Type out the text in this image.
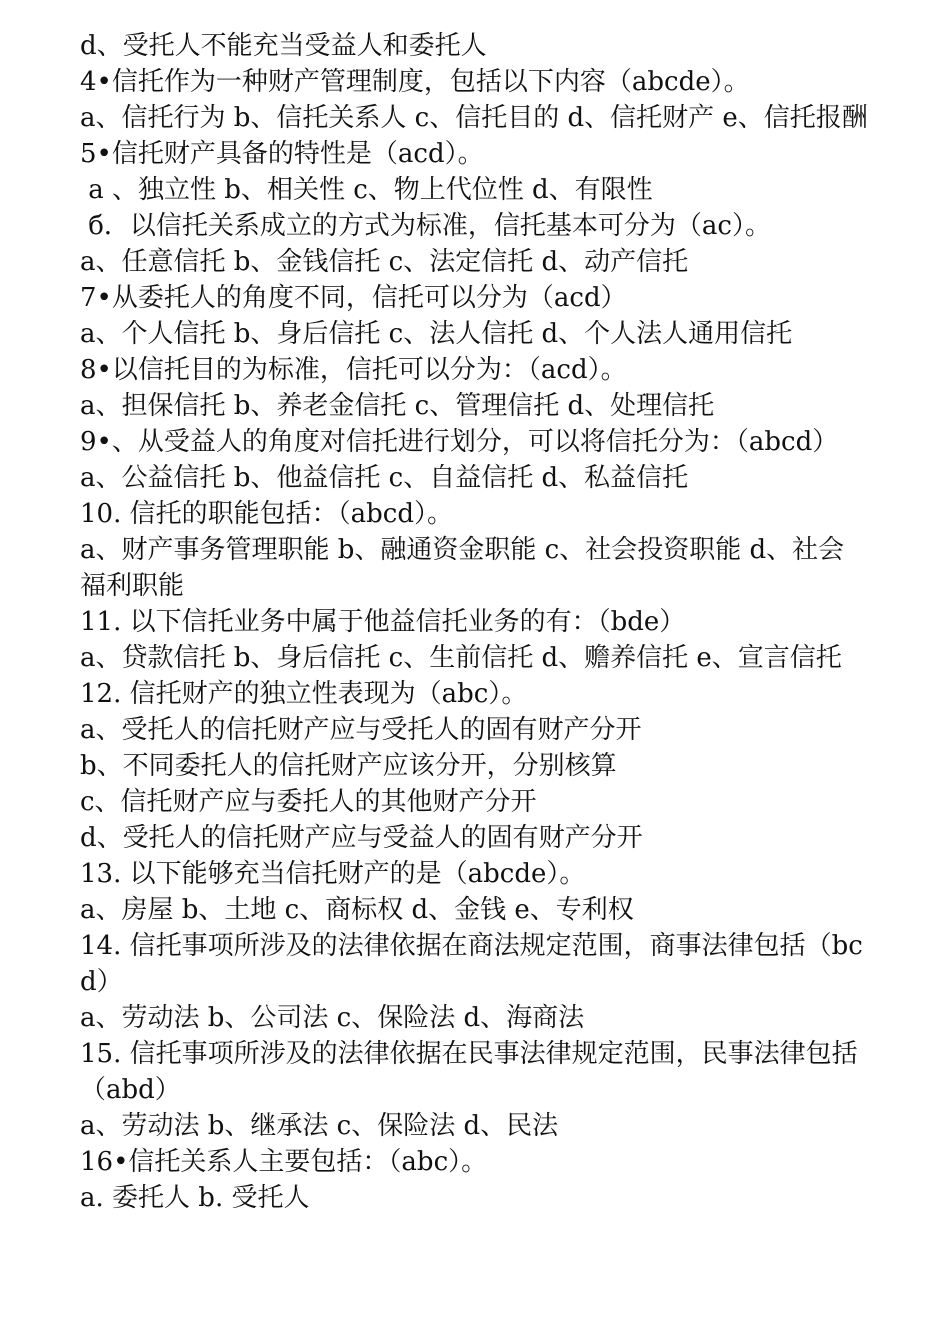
d、受托人不能充当受益人和委托人

4•信托作为一种财产管理制度，包括以下内容（abcde）。

a、信托行为 b、信托关系人 c、信托目的 d、信托财产 e、信托报酬

5•信托财产具备的特性是（acd）。

a 、独立性 b、相关性 c、物上代位性 d、有限性

б．以信托关系成立的方式为标准，信托基本可分为（ac）。

a、任意信托 b、金钱信托 c、法定信托 d、动产信托

7•从委托人的角度不同，信托可以分为（acd）

a、个人信托 b、身后信托 c、法人信托 d、个人法人通用信托

8•以信托目的为标准，信托可以分为：（acd）。

a、担保信托 b、养老金信托 c、管理信托 d、处理信托

9•、从受益人的角度对信托进行划分，可以将信托分为：（abcd）

a、公益信托 b、他益信托 c、自益信托 d、私益信托

10. 信托的职能包括：（abcd）。

a、财产事务管理职能 b、融通资金职能 c、社会投资职能 d、社会福利职能

11. 以下信托业务中属于他益信托业务的有：（bde）

a、贷款信托 b、身后信托 c、生前信托 d、赡养信托 e、宣言信托

12. 信托财产的独立性表现为（abc）。

a、受托人的信托财产应与受托人的固有财产分开

b、不同委托人的信托财产应该分开，分别核算

c、信托财产应与委托人的其他财产分开

d、受托人的信托财产应与受益人的固有财产分开

13. 以下能够充当信托财产的是（abcde）。

a、房屋 b、土地 c、商标权 d、金钱 e、专利权

14. 信托事项所涉及的法律依据在商法规定范围，商事法律包括（bcd）

a、劳动法 b、公司法 c、保险法 d、海商法

15. 信托事项所涉及的法律依据在民事法律规定范围，民事法律包括（abd）

a、劳动法 b、继承法 c、保险法 d、民法

16•信托关系人主要包括：（abc）。

a. 委托人 b. 受托人
